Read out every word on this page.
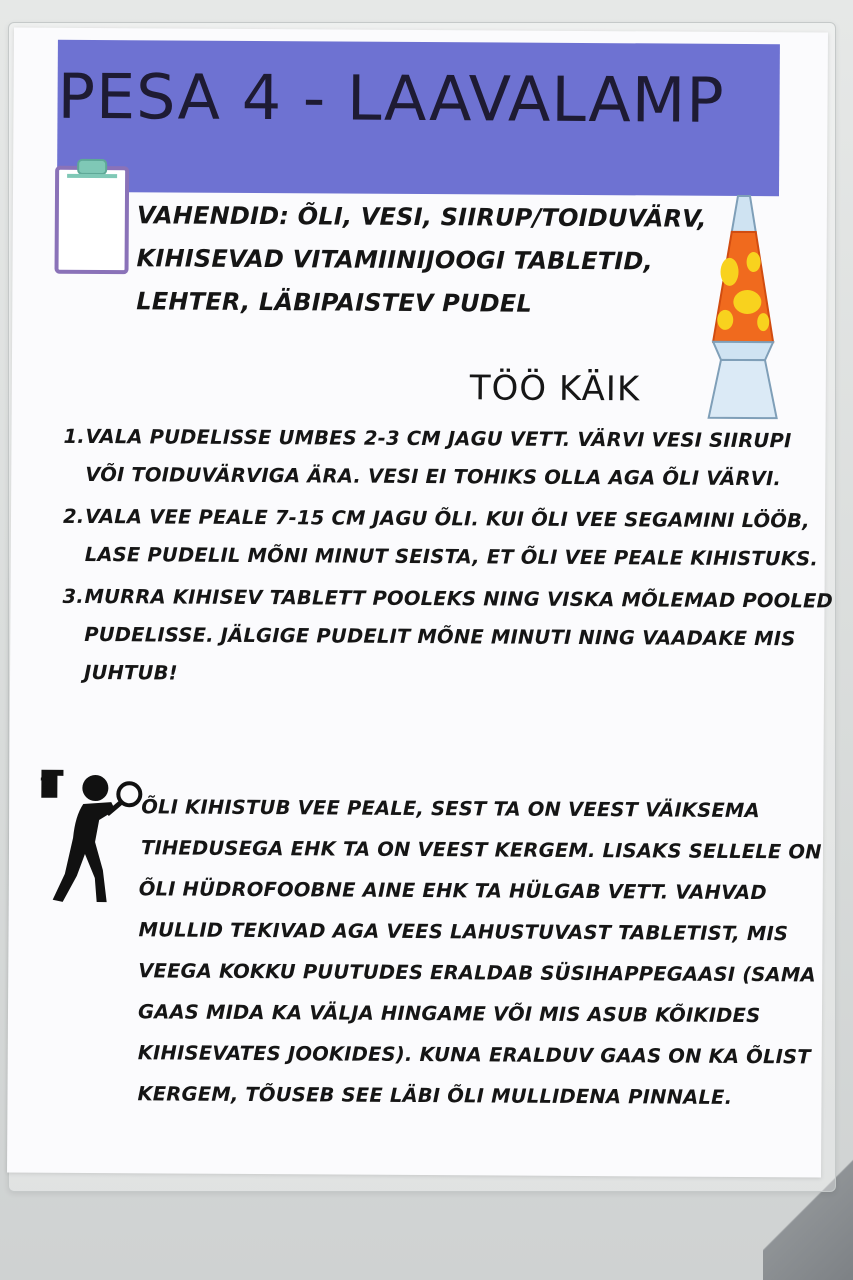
PESA 4 - LAAVALAMP
VAHENDID: ÕLI, VESI, SIIRUP/TOIDUVÄRV,
KIHISEVAD VITAMIINIJOOGI TABLETID,
LEHTER, LÄBIPAISTEV PUDEL
TÖÖ KÄIK
1. VALA PUDELISSE UMBES 2-3 CM JAGU VETT. VÄRVI VESI SIIRUPI
VÕI TOIDUVÄRVIGA ÄRA. VESI EI TOHIKS OLLA AGA ÕLI VÄRVI.
2. VALA VEE PEALE 7-15 CM JAGU ÕLI. KUI ÕLI VEE SEGAMINI LÖÖB,
LASE PUDELIL MÕNI MINUT SEISTA, ET ÕLI VEE PEALE KIHISTUKS.
3. MURRA KIHISEV TABLETT POOLEKS NING VISKA MÕLEMAD POOLED
PUDELISSE. JÄLGIGE PUDELIT MÕNE MINUTI NING VAADAKE MIS
JUHTUB!
?
ÕLI KIHISTUB VEE PEALE, SEST TA ON VEEST VÄIKSEMA
TIHEDUSEGA EHK TA ON VEEST KERGEM. LISAKS SELLELE ON
ÕLI HÜDROFOOBNE AINE EHK TA HÜLGAB VETT. VAHVAD
MULLID TEKIVAD AGA VEES LAHUSTUVAST TABLETIST, MIS
VEEGA KOKKU PUUTUDES ERALDAB SÜSIHAPPEGAASI (SAMA
GAAS MIDA KA VÄLJA HINGAME VÕI MIS ASUB KÕIKIDES
KIHISEVATES JOOKIDES). KUNA ERALDUV GAAS ON KA ÕLIST
KERGEM, TÕUSEB SEE LÄBI ÕLI MULLIDENA PINNALE.
